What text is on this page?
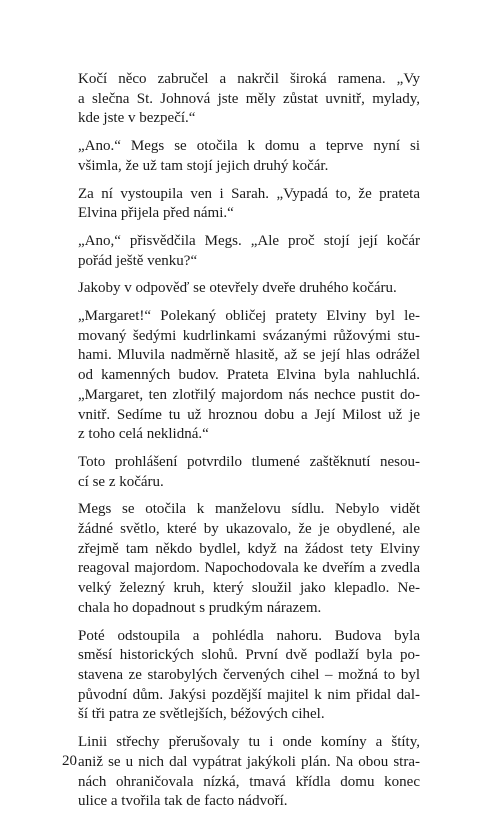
Kočí něco zabručel a nakrčil široká ramena. „Vy
a slečna St. Johnová jste měly zůstat uvnitř, mylady,
kde jste v bezpečí.“

„Ano.“ Megs se otočila k domu a teprve nyní si
všimla, že už tam stojí jejich druhý kočár.

Za ní vystoupila ven i Sarah. „Vypadá to, že prateta
Elvina přijela před námi.“

„Ano,“ přisvědčila Megs. „Ale proč stojí její kočár
pořád ještě venku?“

Jakoby v odpověď se otevřely dveře druhého kočáru.

„Margaret!“ Polekaný obličej pratety Elviny byl le-
movaný šedými kudrlinkami svázanými růžovými stu-
hami. Mluvila nadměrně hlasitě, až se její hlas odrážel
od kamenných budov. Prateta Elvina byla nahluchlá.
„Margaret, ten zlotřilý majordom nás nechce pustit do-
vnitř. Sedíme tu už hroznou dobu a Její Milost už je
z toho celá neklidná.“

Toto prohlášení potvrdilo tlumené zaštěknutí nesou-
cí se z kočáru.

Megs se otočila k manželovu sídlu. Nebylo vidět
žádné světlo, které by ukazovalo, že je obydlené, ale
zřejmě tam někdo bydlel, když na žádost tety Elviny
reagoval majordom. Napochodovala ke dveřím a zvedla
velký železný kruh, který sloužil jako klepadlo. Ne-
chala ho dopadnout s prudkým nárazem.

Poté odstoupila a pohlédla nahoru. Budova byla
směsí historických slohů. První dvě podlaží byla po-
stavena ze starobylých červených cihel – možná to byl
původní dům. Jakýsi pozdější majitel k nim přidal dal-
ší tři patra ze světlejších, béžových cihel.

Linii střechy přerušovaly tu i onde komíny a štíty,
aniž se u nich dal vypátrat jakýkoli plán. Na obou stra-
nách ohraničovala nízká, tmavá křídla domu konec
ulice a tvořila tak de facto nádvoří.

20
